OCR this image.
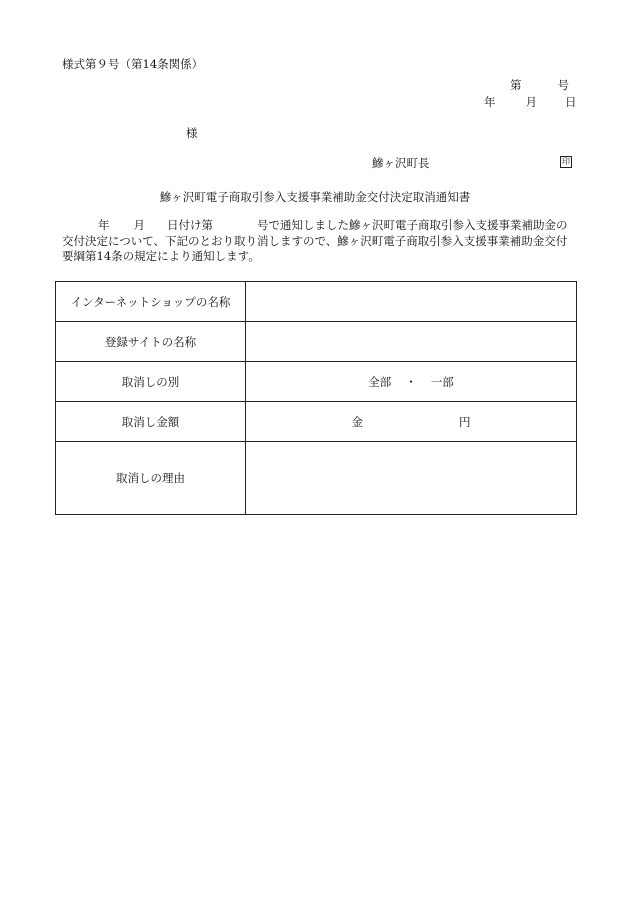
様式第９号（第14条関係）
第	号
年	月 日
様
鰺ヶ沢町長	印
鰺ヶ沢町電子商取引参入支援事業補助金交付決定取消通知書
年 月 日付け第	号で通知しました鰺ヶ沢町電子商取引参入支援事業補助金の交付決定について、下記のとおり取り消しますので、鰺ヶ沢町電子商取引参入支援事業補助金交付要綱第14条の規定により通知します。
インターネットショップの名称	
登録サイトの名称	
取消しの別	全部 ・ 一部
取消し金額	金 円
取消しの理由	
